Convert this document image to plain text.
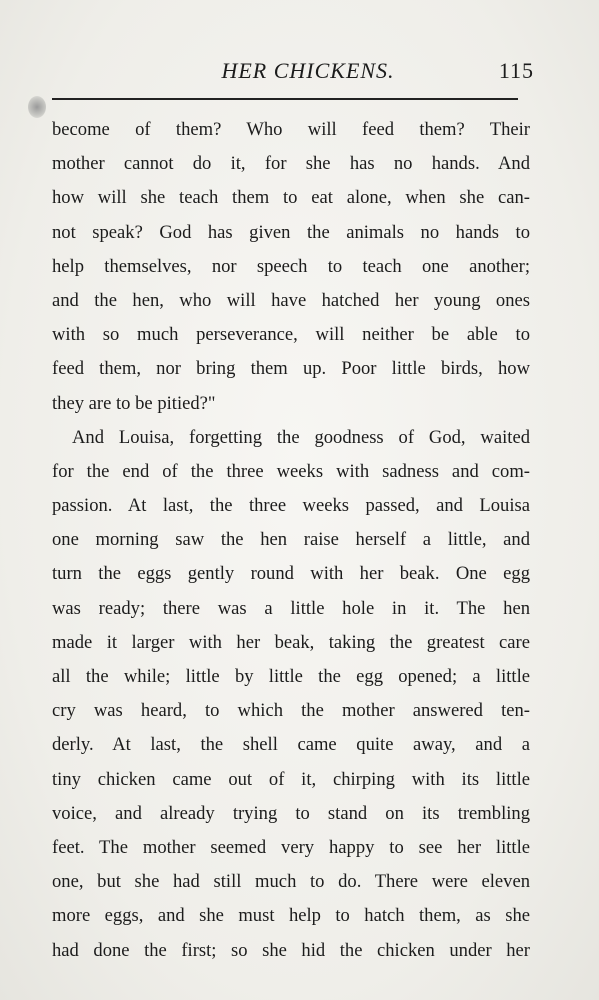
HER CHICKENS.	115
become of them? Who will feed them? Their
mother cannot do it, for she has no hands. And
how will she teach them to eat alone, when she can-
not speak? God has given the animals no hands to
help themselves, nor speech to teach one another;
and the hen, who will have hatched her young ones
with so much perseverance, will neither be able to
feed them, nor bring them up. Poor little birds, how
they are to be pitied?"
And Louisa, forgetting the goodness of God, waited
for the end of the three weeks with sadness and com-
passion. At last, the three weeks passed, and Louisa
one morning saw the hen raise herself a little, and
turn the eggs gently round with her beak. One egg
was ready; there was a little hole in it. The hen
made it larger with her beak, taking the greatest care
all the while; little by little the egg opened; a little
cry was heard, to which the mother answered ten-
derly. At last, the shell came quite away, and a
tiny chicken came out of it, chirping with its little
voice, and already trying to stand on its trembling
feet. The mother seemed very happy to see her little
one, but she had still much to do. There were eleven
more eggs, and she must help to hatch them, as she
had done the first; so she hid the chicken under her
